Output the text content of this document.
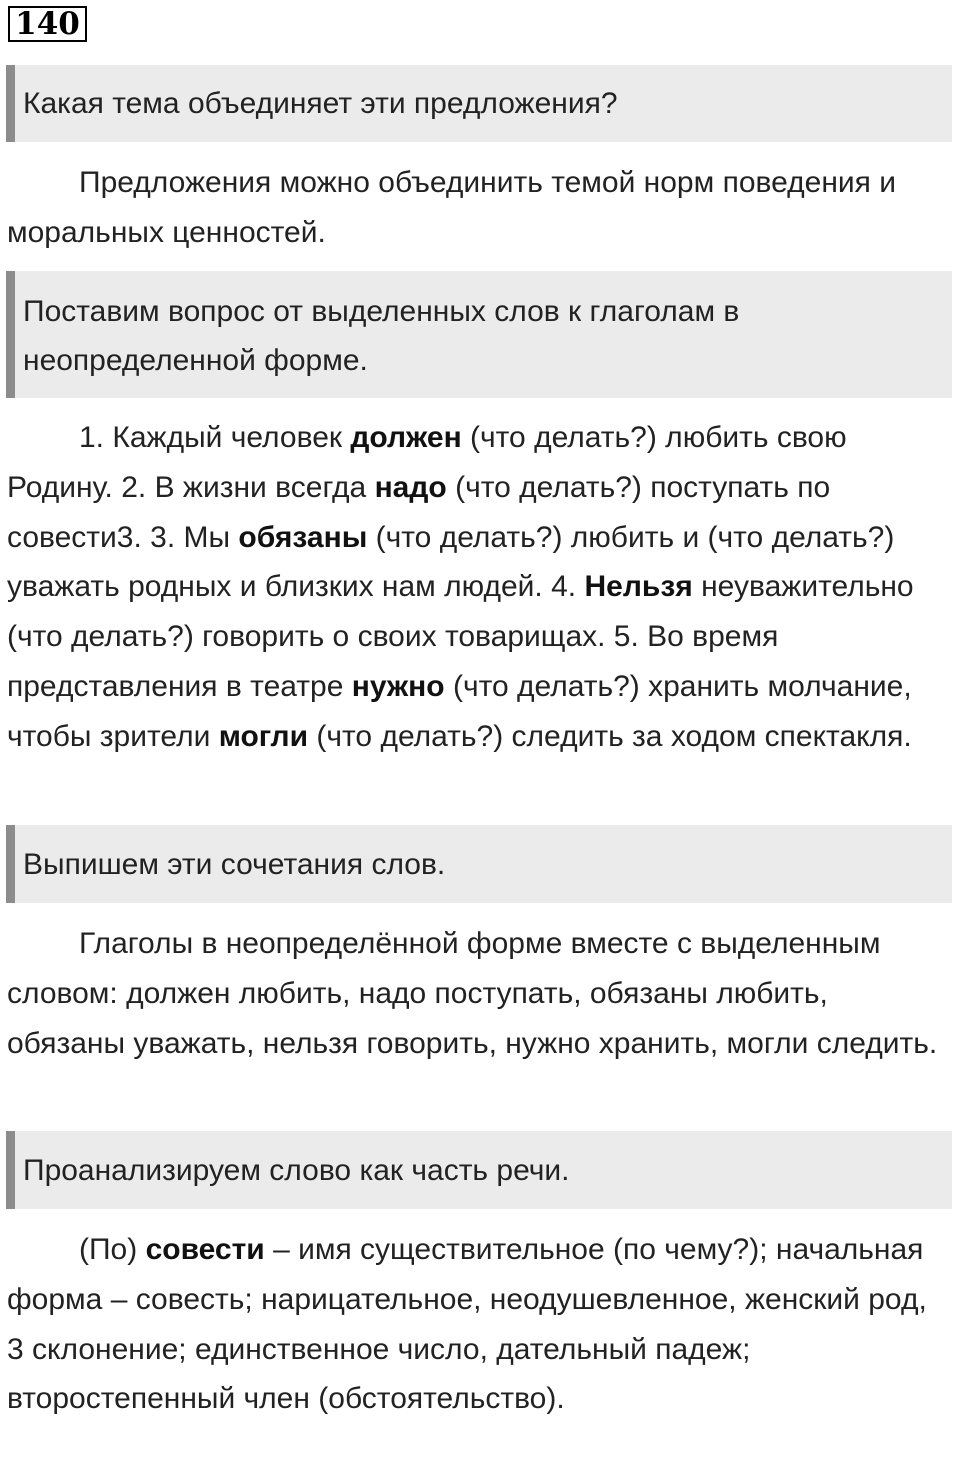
140
Какая тема объединяет эти предложения?

Предложения можно объединить темой норм поведения и моральных ценностей.

Поставим вопрос от выделенных слов к глаголам в неопределенной форме.

1. Каждый человек должен (что делать?) любить свою Родину. 2. В жизни всегда надо (что делать?) поступать по совести3. 3. Мы обязаны (что делать?) любить и (что делать?) уважать родных и близких нам людей. 4. Нельзя неуважительно (что делать?) говорить о своих товарищах. 5. Во время представления в театре нужно (что делать?) хранить молчание, чтобы зрители могли (что делать?) следить за ходом спектакля.

Выпишем эти сочетания слов.

Глаголы в неопределённой форме вместе с выделенным словом: должен любить, надо поступать, обязаны любить, обязаны уважать, нельзя говорить, нужно хранить, могли следить.

Проанализируем слово как часть речи.

(По) совести – имя существительное (по чему?); начальная форма – совесть; нарицательное, неодушевленное, женский род, 3 склонение; единственное число, дательный падеж; второстепенный член (обстоятельство).
